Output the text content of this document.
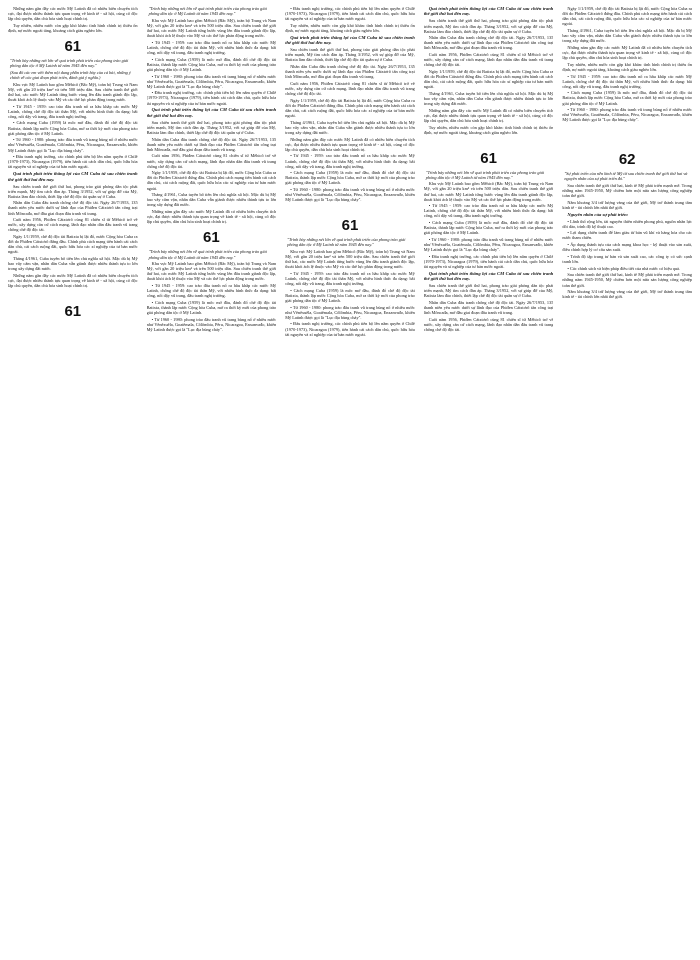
Những năm gần đây các nước Mỹ Latinh đã có nhiều biến chuyển tích cực, đạt được nhiều thành tựu quan trọng về kinh tế - xã hội, củng cố độc lập chủ quyền, dân chủ hóa sinh hoạt chính trị.

Tuy nhiên, nhiều nước còn gặp khó khăn: tình hình chính trị thiếu ổn định, nợ nước ngoài tăng, khoảng cách giàu nghèo lớn.

61

"Trình bày những nét lớn về quá trình phát triển của phong trào giải phóng dân tộc ở Mỹ Latinh từ năm 1945 đến nay."

(Sau đó các em viết thêm nội dung phần trình bày của cả bài, những ý chính về các giai đoạn phát triển, đánh giá ý nghĩa.)

Khu vực Mỹ Latinh bao gồm Mêhicô (Bắc Mỹ), toàn bộ Trung và Nam Mỹ, với gần 20 triệu km² và trên 500 triệu dân. Sau chiến tranh thế giới thứ hai, các nước Mỹ Latinh từng bước vùng lên đấu tranh giành độc lập, thoát khỏi ách lệ thuộc vào Mỹ và các thế lực phản động trong nước.

• Từ 1945 - 1959: cao trào đấu tranh nổ ra hầu khắp các nước Mỹ Latinh, chống chế độ độc tài thân Mỹ, với nhiều hình thức đa dạng: bãi công, nổi dậy vũ trang, đấu tranh nghị trường.

• Cách mạng Cuba (1959) là mốc mở đầu, đánh đổ chế độ độc tài Batixta, thành lập nước Cộng hòa Cuba, mở ra thời kỳ mới của phong trào giải phóng dân tộc ở Mỹ Latinh.

• Từ 1960 - 1980: phong trào đấu tranh vũ trang bùng nổ ở nhiều nước như Vênêxuêla, Goatêmala, Côlômbia, Pêru, Nicaragoa, Enxanvađo, khiến Mỹ Latinh được gọi là "Lục địa bùng cháy".

• Đấu tranh nghị trường, các chính phủ tiến bộ lên nắm quyền ở Chilê (1970-1973), Nicaragoa (1979), tiến hành cải cách dân chủ, quốc hữu hóa tài nguyên và xí nghiệp của tư bản nước ngoài.

Quá trình phát triển thắng lợi của CM Cuba từ sau chiến tranh thế giới thứ hai đến nay.

Sau chiến tranh thế giới thứ hai, phong trào giải phóng dân tộc phát triển mạnh, Mỹ tìm cách đàn áp. Tháng 3/1952, với sự giúp đỡ của Mỹ, Batixta làm đảo chính, thiết lập chế độ độc tài quân sự ở Cuba.

Nhân dân Cuba đấu tranh chống chế độ độc tài. Ngày 26/7/1953, 135 thanh niên yêu nước dưới sự lãnh đạo của Phiđen Cátxtơrô tấn công trại lính Môncađa, mở đầu giai đoạn đấu tranh vũ trang.

Cuối năm 1956, Phiđen Cátxtơrô cùng 81 chiến sĩ từ Mêhicô trở về nước, xây dựng căn cứ cách mạng, lãnh đạo nhân dân đấu tranh vũ trang chống chế độ độc tài.

Ngày 1/1/1959, chế độ độc tài Batixta bị lật đổ, nước Cộng hòa Cuba ra đời do Phiđen Cátxtơrô đứng đầu. Chính phủ cách mạng tiến hành cải cách dân chủ, cải cách ruộng đất, quốc hữu hóa các xí nghiệp của tư bản nước ngoài.

Tháng 4/1961, Cuba tuyên bố tiến lên chủ nghĩa xã hội. Mặc dù bị Mỹ bao vây cấm vận, nhân dân Cuba vẫn giành được nhiều thành tựu to lớn trong xây dựng đất nước.

Những năm gần đây các nước Mỹ Latinh đã có nhiều biến chuyển tích cực, đạt được nhiều thành tựu quan trọng về kinh tế - xã hội, củng cố độc lập chủ quyền, dân chủ hóa sinh hoạt chính trị.

61

"Trình bày những nét lớn về quá trình phát triển của phong trào giải phóng dân tộc ở Mỹ Latinh từ năm 1945 đến nay."

Khu vực Mỹ Latinh bao gồm Mêhicô (Bắc Mỹ), toàn bộ Trung và Nam Mỹ, với gần 20 triệu km² và trên 500 triệu dân. Sau chiến tranh thế giới thứ hai, các nước Mỹ Latinh từng bước vùng lên đấu tranh giành độc lập, thoát khỏi ách lệ thuộc vào Mỹ và các thế lực phản động trong nước.

• Từ 1945 - 1959: cao trào đấu tranh nổ ra hầu khắp các nước Mỹ Latinh, chống chế độ độc tài thân Mỹ, với nhiều hình thức đa dạng: bãi công, nổi dậy vũ trang, đấu tranh nghị trường.

• Cách mạng Cuba (1959) là mốc mở đầu, đánh đổ chế độ độc tài Batixta, thành lập nước Cộng hòa Cuba, mở ra thời kỳ mới của phong trào giải phóng dân tộc ở Mỹ Latinh.

• Từ 1960 - 1980: phong trào đấu tranh vũ trang bùng nổ ở nhiều nước như Vênêxuêla, Goatêmala, Côlômbia, Pêru, Nicaragoa, Enxanvađo, khiến Mỹ Latinh được gọi là "Lục địa bùng cháy".

• Đấu tranh nghị trường, các chính phủ tiến bộ lên nắm quyền ở Chilê (1970-1973), Nicaragoa (1979), tiến hành cải cách dân chủ, quốc hữu hóa tài nguyên và xí nghiệp của tư bản nước ngoài.

Quá trình phát triển thắng lợi của CM Cuba từ sau chiến tranh thế giới thứ hai đến nay.

Sau chiến tranh thế giới thứ hai, phong trào giải phóng dân tộc phát triển mạnh, Mỹ tìm cách đàn áp. Tháng 3/1952, với sự giúp đỡ của Mỹ, Batixta làm đảo chính, thiết lập chế độ độc tài quân sự ở Cuba.

Nhân dân Cuba đấu tranh chống chế độ độc tài. Ngày 26/7/1953, 135 thanh niên yêu nước dưới sự lãnh đạo của Phiđen Cátxtơrô tấn công trại lính Môncađa, mở đầu giai đoạn đấu tranh vũ trang.

Cuối năm 1956, Phiđen Cátxtơrô cùng 81 chiến sĩ từ Mêhicô trở về nước, xây dựng căn cứ cách mạng, lãnh đạo nhân dân đấu tranh vũ trang chống chế độ độc tài.

Ngày 1/1/1959, chế độ độc tài Batixta bị lật đổ, nước Cộng hòa Cuba ra đời do Phiđen Cátxtơrô đứng đầu. Chính phủ cách mạng tiến hành cải cách dân chủ, cải cách ruộng đất, quốc hữu hóa các xí nghiệp của tư bản nước ngoài.

Tháng 4/1961, Cuba tuyên bố tiến lên chủ nghĩa xã hội. Mặc dù bị Mỹ bao vây cấm vận, nhân dân Cuba vẫn giành được nhiều thành tựu to lớn trong xây dựng đất nước.

Những năm gần đây các nước Mỹ Latinh đã có nhiều biến chuyển tích cực, đạt được nhiều thành tựu quan trọng về kinh tế - xã hội, củng cố độc lập chủ quyền, dân chủ hóa sinh hoạt chính trị.

61

"Trình bày những nét lớn về quá trình phát triển của phong trào giải phóng dân tộc ở Mỹ Latinh từ năm 1945 đến nay."

Khu vực Mỹ Latinh bao gồm Mêhicô (Bắc Mỹ), toàn bộ Trung và Nam Mỹ, với gần 20 triệu km² và trên 500 triệu dân. Sau chiến tranh thế giới thứ hai, các nước Mỹ Latinh từng bước vùng lên đấu tranh giành độc lập, thoát khỏi ách lệ thuộc vào Mỹ và các thế lực phản động trong nước.

• Từ 1945 - 1959: cao trào đấu tranh nổ ra hầu khắp các nước Mỹ Latinh, chống chế độ độc tài thân Mỹ, với nhiều hình thức đa dạng: bãi công, nổi dậy vũ trang, đấu tranh nghị trường.

• Cách mạng Cuba (1959) là mốc mở đầu, đánh đổ chế độ độc tài Batixta, thành lập nước Cộng hòa Cuba, mở ra thời kỳ mới của phong trào giải phóng dân tộc ở Mỹ Latinh.

• Từ 1960 - 1980: phong trào đấu tranh vũ trang bùng nổ ở nhiều nước như Vênêxuêla, Goatêmala, Côlômbia, Pêru, Nicaragoa, Enxanvađo, khiến Mỹ Latinh được gọi là "Lục địa bùng cháy".

• Đấu tranh nghị trường, các chính phủ tiến bộ lên nắm quyền ở Chilê (1970-1973), Nicaragoa (1979), tiến hành cải cách dân chủ, quốc hữu hóa tài nguyên và xí nghiệp của tư bản nước ngoài.

Tuy nhiên, nhiều nước còn gặp khó khăn: tình hình chính trị thiếu ổn định, nợ nước ngoài tăng, khoảng cách giàu nghèo lớn.

Quá trình phát triển thắng lợi của CM Cuba từ sau chiến tranh thế giới thứ hai đến nay.

Sau chiến tranh thế giới thứ hai, phong trào giải phóng dân tộc phát triển mạnh, Mỹ tìm cách đàn áp. Tháng 3/1952, với sự giúp đỡ của Mỹ, Batixta làm đảo chính, thiết lập chế độ độc tài quân sự ở Cuba.

Nhân dân Cuba đấu tranh chống chế độ độc tài. Ngày 26/7/1953, 135 thanh niên yêu nước dưới sự lãnh đạo của Phiđen Cátxtơrô tấn công trại lính Môncađa, mở đầu giai đoạn đấu tranh vũ trang.

Cuối năm 1956, Phiđen Cátxtơrô cùng 81 chiến sĩ từ Mêhicô trở về nước, xây dựng căn cứ cách mạng, lãnh đạo nhân dân đấu tranh vũ trang chống chế độ độc tài.

Ngày 1/1/1959, chế độ độc tài Batixta bị lật đổ, nước Cộng hòa Cuba ra đời do Phiđen Cátxtơrô đứng đầu. Chính phủ cách mạng tiến hành cải cách dân chủ, cải cách ruộng đất, quốc hữu hóa các xí nghiệp của tư bản nước ngoài.

Tháng 4/1961, Cuba tuyên bố tiến lên chủ nghĩa xã hội. Mặc dù bị Mỹ bao vây cấm vận, nhân dân Cuba vẫn giành được nhiều thành tựu to lớn trong xây dựng đất nước.

Những năm gần đây các nước Mỹ Latinh đã có nhiều biến chuyển tích cực, đạt được nhiều thành tựu quan trọng về kinh tế - xã hội, củng cố độc lập chủ quyền, dân chủ hóa sinh hoạt chính trị.

• Từ 1945 - 1959: cao trào đấu tranh nổ ra hầu khắp các nước Mỹ Latinh, chống chế độ độc tài thân Mỹ, với nhiều hình thức đa dạng: bãi công, nổi dậy vũ trang, đấu tranh nghị trường.

• Cách mạng Cuba (1959) là mốc mở đầu, đánh đổ chế độ độc tài Batixta, thành lập nước Cộng hòa Cuba, mở ra thời kỳ mới của phong trào giải phóng dân tộc ở Mỹ Latinh.

• Từ 1960 - 1980: phong trào đấu tranh vũ trang bùng nổ ở nhiều nước như Vênêxuêla, Goatêmala, Côlômbia, Pêru, Nicaragoa, Enxanvađo, khiến Mỹ Latinh được gọi là "Lục địa bùng cháy".

61

"Trình bày những nét lớn về quá trình phát triển của phong trào giải phóng dân tộc ở Mỹ Latinh từ năm 1945 đến nay."

Khu vực Mỹ Latinh bao gồm Mêhicô (Bắc Mỹ), toàn bộ Trung và Nam Mỹ, với gần 20 triệu km² và trên 500 triệu dân. Sau chiến tranh thế giới thứ hai, các nước Mỹ Latinh từng bước vùng lên đấu tranh giành độc lập, thoát khỏi ách lệ thuộc vào Mỹ và các thế lực phản động trong nước.

• Từ 1945 - 1959: cao trào đấu tranh nổ ra hầu khắp các nước Mỹ Latinh, chống chế độ độc tài thân Mỹ, với nhiều hình thức đa dạng: bãi công, nổi dậy vũ trang, đấu tranh nghị trường.

• Cách mạng Cuba (1959) là mốc mở đầu, đánh đổ chế độ độc tài Batixta, thành lập nước Cộng hòa Cuba, mở ra thời kỳ mới của phong trào giải phóng dân tộc ở Mỹ Latinh.

• Từ 1960 - 1980: phong trào đấu tranh vũ trang bùng nổ ở nhiều nước như Vênêxuêla, Goatêmala, Côlômbia, Pêru, Nicaragoa, Enxanvađo, khiến Mỹ Latinh được gọi là "Lục địa bùng cháy".

• Đấu tranh nghị trường, các chính phủ tiến bộ lên nắm quyền ở Chilê (1970-1973), Nicaragoa (1979), tiến hành cải cách dân chủ, quốc hữu hóa tài nguyên và xí nghiệp của tư bản nước ngoài.

Quá trình phát triển thắng lợi của CM Cuba từ sau chiến tranh thế giới thứ hai đến nay.

Sau chiến tranh thế giới thứ hai, phong trào giải phóng dân tộc phát triển mạnh, Mỹ tìm cách đàn áp. Tháng 3/1952, với sự giúp đỡ của Mỹ, Batixta làm đảo chính, thiết lập chế độ độc tài quân sự ở Cuba.

Nhân dân Cuba đấu tranh chống chế độ độc tài. Ngày 26/7/1953, 135 thanh niên yêu nước dưới sự lãnh đạo của Phiđen Cátxtơrô tấn công trại lính Môncađa, mở đầu giai đoạn đấu tranh vũ trang.

Cuối năm 1956, Phiđen Cátxtơrô cùng 81 chiến sĩ từ Mêhicô trở về nước, xây dựng căn cứ cách mạng, lãnh đạo nhân dân đấu tranh vũ trang chống chế độ độc tài.

Ngày 1/1/1959, chế độ độc tài Batixta bị lật đổ, nước Cộng hòa Cuba ra đời do Phiđen Cátxtơrô đứng đầu. Chính phủ cách mạng tiến hành cải cách dân chủ, cải cách ruộng đất, quốc hữu hóa các xí nghiệp của tư bản nước ngoài.

Tháng 4/1961, Cuba tuyên bố tiến lên chủ nghĩa xã hội. Mặc dù bị Mỹ bao vây cấm vận, nhân dân Cuba vẫn giành được nhiều thành tựu to lớn trong xây dựng đất nước.

Những năm gần đây các nước Mỹ Latinh đã có nhiều biến chuyển tích cực, đạt được nhiều thành tựu quan trọng về kinh tế - xã hội, củng cố độc lập chủ quyền, dân chủ hóa sinh hoạt chính trị.

Tuy nhiên, nhiều nước còn gặp khó khăn: tình hình chính trị thiếu ổn định, nợ nước ngoài tăng, khoảng cách giàu nghèo lớn.

61

"Trình bày những nét lớn về quá trình phát triển của phong trào giải phóng dân tộc ở Mỹ Latinh từ năm 1945 đến nay."

Khu vực Mỹ Latinh bao gồm Mêhicô (Bắc Mỹ), toàn bộ Trung và Nam Mỹ, với gần 20 triệu km² và trên 500 triệu dân. Sau chiến tranh thế giới thứ hai, các nước Mỹ Latinh từng bước vùng lên đấu tranh giành độc lập, thoát khỏi ách lệ thuộc vào Mỹ và các thế lực phản động trong nước.

• Từ 1945 - 1959: cao trào đấu tranh nổ ra hầu khắp các nước Mỹ Latinh, chống chế độ độc tài thân Mỹ, với nhiều hình thức đa dạng: bãi công, nổi dậy vũ trang, đấu tranh nghị trường.

• Cách mạng Cuba (1959) là mốc mở đầu, đánh đổ chế độ độc tài Batixta, thành lập nước Cộng hòa Cuba, mở ra thời kỳ mới của phong trào giải phóng dân tộc ở Mỹ Latinh.

• Từ 1960 - 1980: phong trào đấu tranh vũ trang bùng nổ ở nhiều nước như Vênêxuêla, Goatêmala, Côlômbia, Pêru, Nicaragoa, Enxanvađo, khiến Mỹ Latinh được gọi là "Lục địa bùng cháy".

• Đấu tranh nghị trường, các chính phủ tiến bộ lên nắm quyền ở Chilê (1970-1973), Nicaragoa (1979), tiến hành cải cách dân chủ, quốc hữu hóa tài nguyên và xí nghiệp của tư bản nước ngoài.

Quá trình phát triển thắng lợi của CM Cuba từ sau chiến tranh thế giới thứ hai đến nay.

Sau chiến tranh thế giới thứ hai, phong trào giải phóng dân tộc phát triển mạnh, Mỹ tìm cách đàn áp. Tháng 3/1952, với sự giúp đỡ của Mỹ, Batixta làm đảo chính, thiết lập chế độ độc tài quân sự ở Cuba.

Nhân dân Cuba đấu tranh chống chế độ độc tài. Ngày 26/7/1953, 135 thanh niên yêu nước dưới sự lãnh đạo của Phiđen Cátxtơrô tấn công trại lính Môncađa, mở đầu giai đoạn đấu tranh vũ trang.

Cuối năm 1956, Phiđen Cátxtơrô cùng 81 chiến sĩ từ Mêhicô trở về nước, xây dựng căn cứ cách mạng, lãnh đạo nhân dân đấu tranh vũ trang chống chế độ độc tài.

Ngày 1/1/1959, chế độ độc tài Batixta bị lật đổ, nước Cộng hòa Cuba ra đời do Phiđen Cátxtơrô đứng đầu. Chính phủ cách mạng tiến hành cải cách dân chủ, cải cách ruộng đất, quốc hữu hóa các xí nghiệp của tư bản nước ngoài.

Tháng 4/1961, Cuba tuyên bố tiến lên chủ nghĩa xã hội. Mặc dù bị Mỹ bao vây cấm vận, nhân dân Cuba vẫn giành được nhiều thành tựu to lớn trong xây dựng đất nước.

Những năm gần đây các nước Mỹ Latinh đã có nhiều biến chuyển tích cực, đạt được nhiều thành tựu quan trọng về kinh tế - xã hội, củng cố độc lập chủ quyền, dân chủ hóa sinh hoạt chính trị.

Tuy nhiên, nhiều nước còn gặp khó khăn: tình hình chính trị thiếu ổn định, nợ nước ngoài tăng, khoảng cách giàu nghèo lớn.

• Từ 1945 - 1959: cao trào đấu tranh nổ ra hầu khắp các nước Mỹ Latinh, chống chế độ độc tài thân Mỹ, với nhiều hình thức đa dạng: bãi công, nổi dậy vũ trang, đấu tranh nghị trường.

• Cách mạng Cuba (1959) là mốc mở đầu, đánh đổ chế độ độc tài Batixta, thành lập nước Cộng hòa Cuba, mở ra thời kỳ mới của phong trào giải phóng dân tộc ở Mỹ Latinh.

• Từ 1960 - 1980: phong trào đấu tranh vũ trang bùng nổ ở nhiều nước như Vênêxuêla, Goatêmala, Côlômbia, Pêru, Nicaragoa, Enxanvađo, khiến Mỹ Latinh được gọi là "Lục địa bùng cháy".

62

"Sự phát triển của nền kinh tế Mỹ từ sau chiến tranh thế giới thứ hai và nguyên nhân của sự phát triển đó."

Sau chiến tranh thế giới thứ hai, kinh tế Mỹ phát triển mạnh mẽ. Trong những năm 1945-1950, Mỹ chiếm hơn một nửa sản lượng công nghiệp toàn thế giới.

Nắm khoảng 3/4 trữ lượng vàng của thế giới, Mỹ trở thành trung tâm kinh tế - tài chính lớn nhất thế giới.

Nguyên nhân của sự phát triển:

• Lãnh thổ rộng lớn, tài nguyên thiên nhiên phong phú, nguồn nhân lực dồi dào, trình độ kỹ thuật cao.

• Lợi dụng chiến tranh để làm giàu từ bán vũ khí và hàng hóa cho các nước tham chiến.

• Áp dụng thành tựu của cách mạng khoa học - kỹ thuật vào sản xuất, điều chỉnh hợp lý cơ cấu sản xuất.

• Trình độ tập trung tư bản và sản xuất cao, các công ty có sức cạnh tranh lớn.

• Các chính sách và biện pháp điều tiết của nhà nước có hiệu quả.

Sau chiến tranh thế giới thứ hai, kinh tế Mỹ phát triển mạnh mẽ. Trong những năm 1945-1950, Mỹ chiếm hơn một nửa sản lượng công nghiệp toàn thế giới.

Nắm khoảng 3/4 trữ lượng vàng của thế giới, Mỹ trở thành trung tâm kinh tế - tài chính lớn nhất thế giới.
